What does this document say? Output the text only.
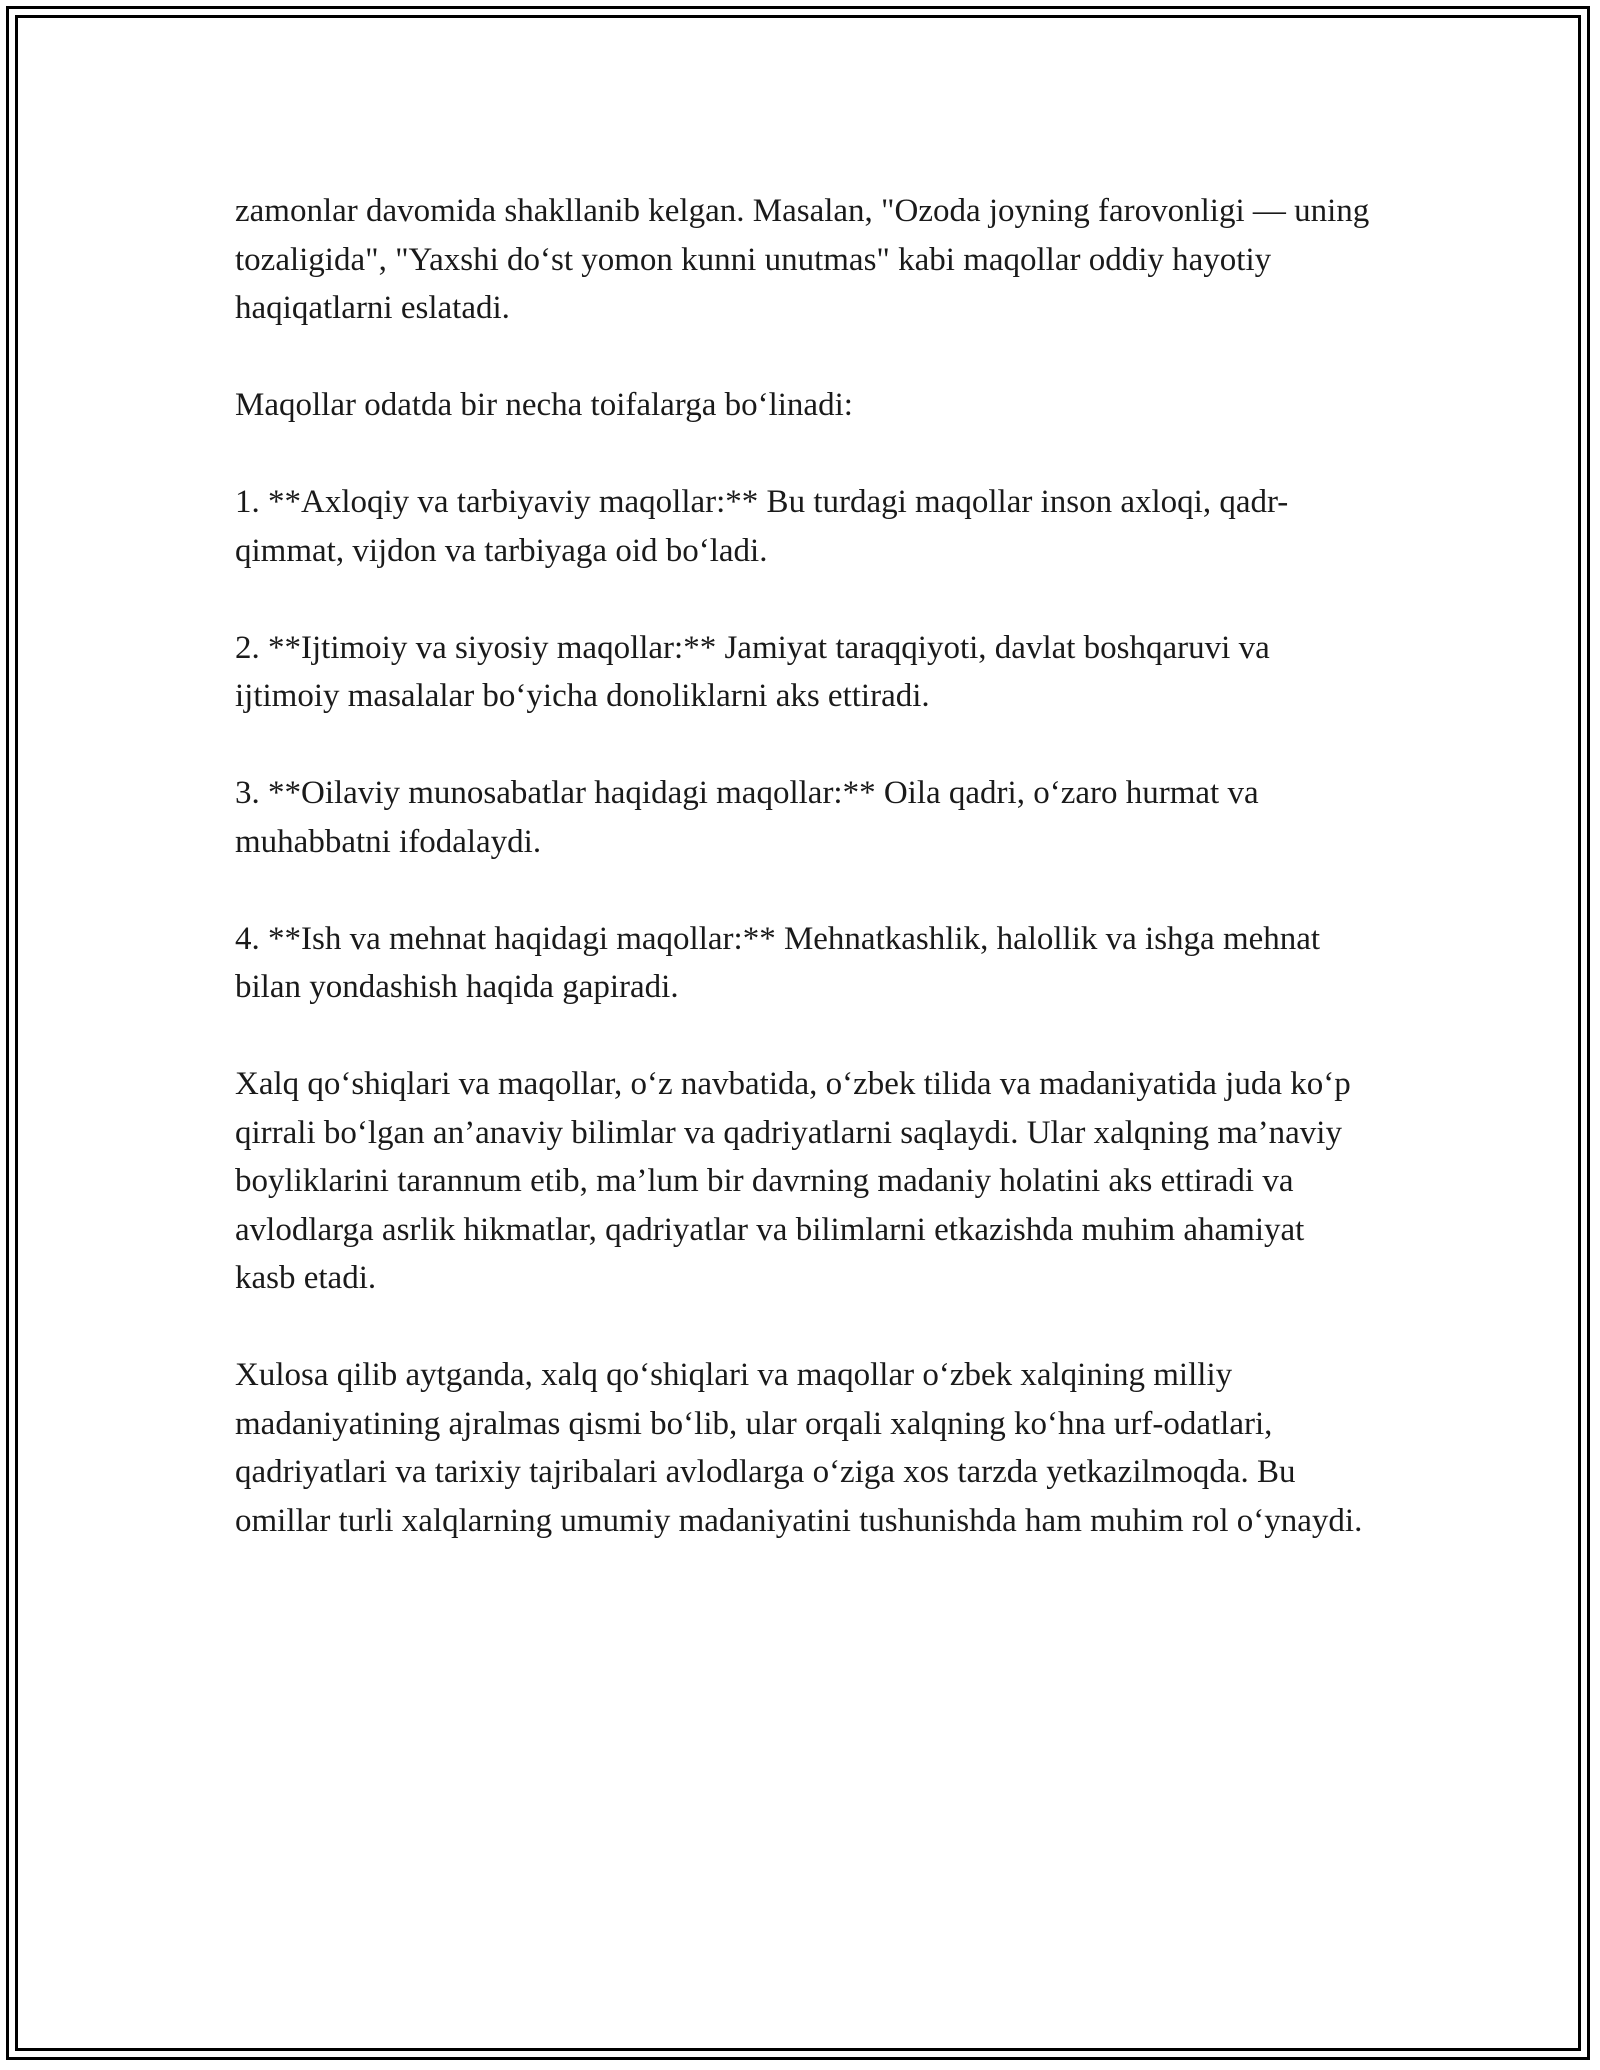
zamonlar davomida shakllanib kelgan. Masalan, "Ozoda joyning farovonligi — uning tozaligida", "Yaxshi do‘st yomon kunni unutmas" kabi maqollar oddiy hayotiy haqiqatlarni eslatadi.

Maqollar odatda bir necha toifalarga bo‘linadi:

1. **Axloqiy va tarbiyaviy maqollar:** Bu turdagi maqollar inson axloqi, qadr-qimmat, vijdon va tarbiyaga oid bo‘ladi.

2. **Ijtimoiy va siyosiy maqollar:** Jamiyat taraqqiyoti, davlat boshqaruvi va ijtimoiy masalalar bo‘yicha donoliklarni aks ettiradi.

3. **Oilaviy munosabatlar haqidagi maqollar:** Oila qadri, o‘zaro hurmat va muhabbatni ifodalaydi.

4. **Ish va mehnat haqidagi maqollar:** Mehnatkashlik, halollik va ishga mehnat bilan yondashish haqida gapiradi.

Xalq qo‘shiqlari va maqollar, o‘z navbatida, o‘zbek tilida va madaniyatida juda ko‘p qirrali bo‘lgan an’anaviy bilimlar va qadriyatlarni saqlaydi. Ular xalqning ma’naviy boyliklarini tarannum etib, ma’lum bir davrning madaniy holatini aks ettiradi va avlodlarga asrlik hikmatlar, qadriyatlar va bilimlarni etkazishda muhim ahamiyat kasb etadi.

Xulosa qilib aytganda, xalq qo‘shiqlari va maqollar o‘zbek xalqining milliy madaniyatining ajralmas qismi bo‘lib, ular orqali xalqning ko‘hna urf-odatlari, qadriyatlari va tarixiy tajribalari avlodlarga o‘ziga xos tarzda yetkazilmoqda. Bu omillar turli xalqlarning umumiy madaniyatini tushunishda ham muhim rol o‘ynaydi.
